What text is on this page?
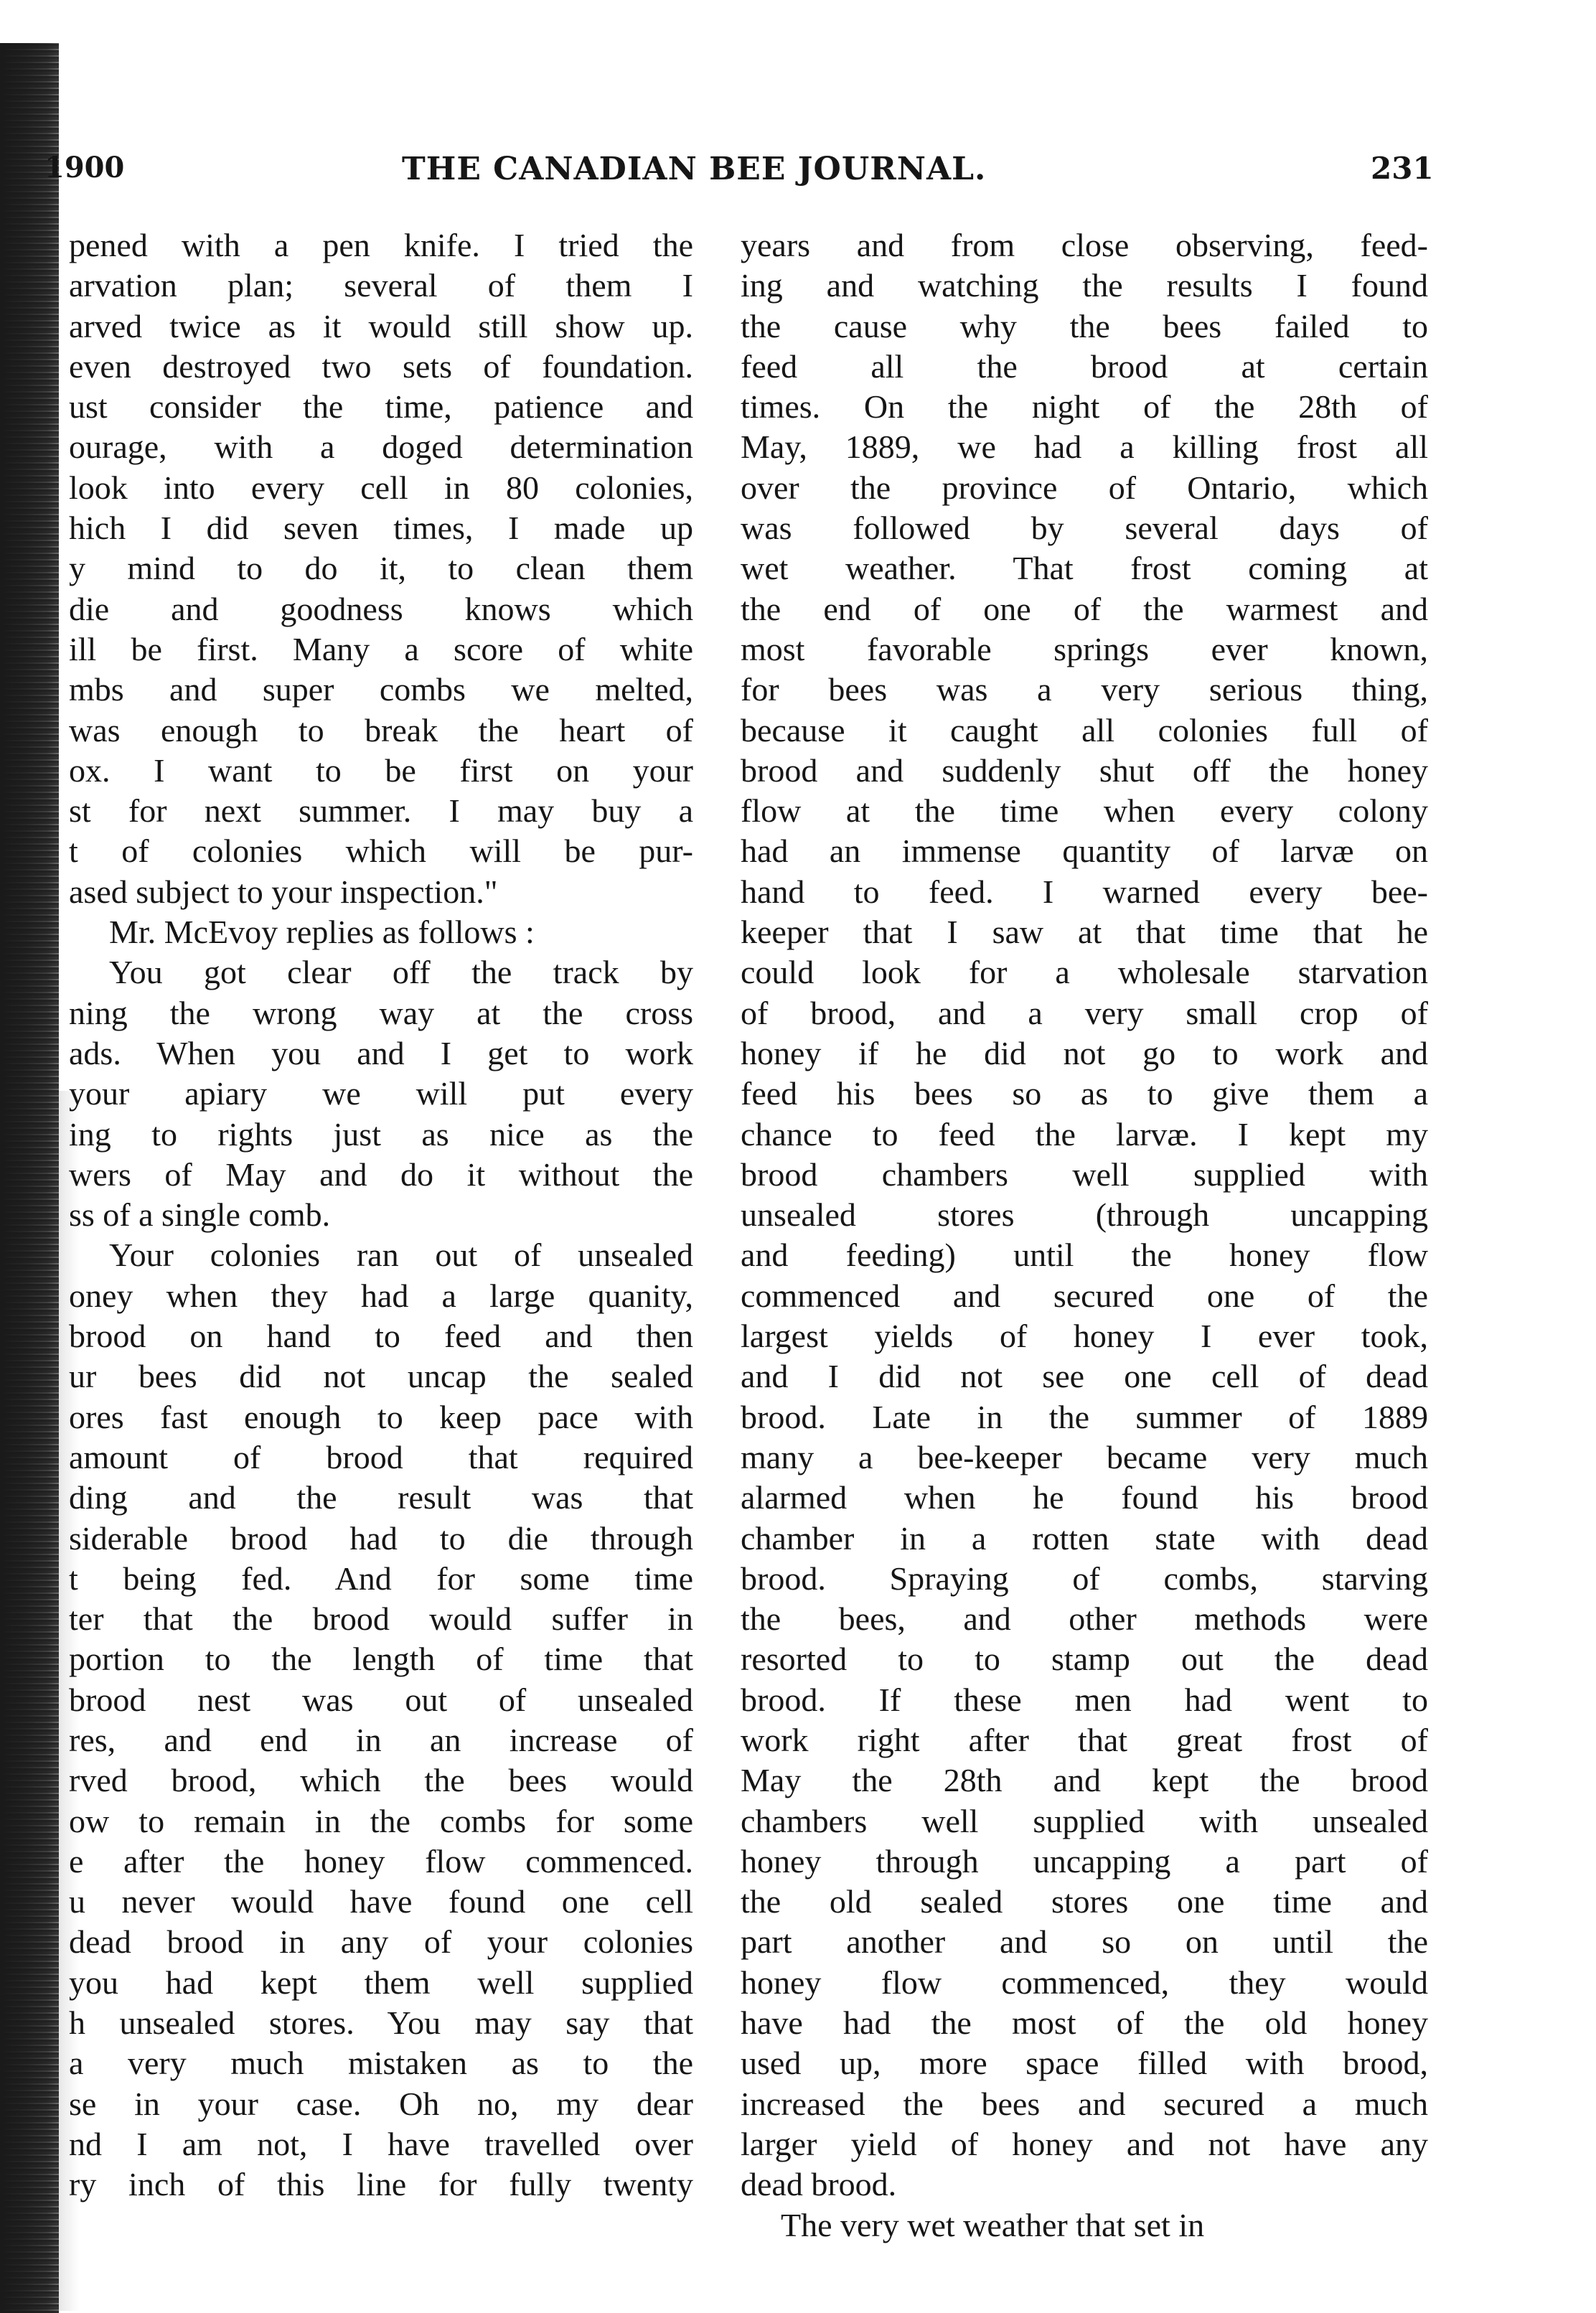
1900	THE CANADIAN BEE JOURNAL.	231
pened with a pen knife. I tried the
arvation plan; several of them I
arved twice as it would still show up.
even destroyed two sets of foundation.
ust consider the time, patience and
ourage, with a doged determination
look into every cell in 80 colonies,
hich I did seven times, I made up
y mind to do it, to clean them
die and goodness knows which
ill be first. Many a score of white
mbs and super combs we melted,
was enough to break the heart of
ox. I want to be first on your
st for next summer. I may buy a
t of colonies which will be pur-
ased subject to your inspection."
Mr. McEvoy replies as follows :
You got clear off the track by
ning the wrong way at the cross
ads. When you and I get to work
your apiary we will put every
ing to rights just as nice as the
wers of May and do it without the
ss of a single comb.
Your colonies ran out of unsealed
oney when they had a large quanity,
brood on hand to feed and then
ur bees did not uncap the sealed
ores fast enough to keep pace with
amount of brood that required
ding and the result was that
siderable brood had to die through
t being fed. And for some time
ter that the brood would suffer in
portion to the length of time that
brood nest was out of unsealed
res, and end in an increase of
rved brood, which the bees would
ow to remain in the combs for some
e after the honey flow commenced.
u never would have found one cell
dead brood in any of your colonies
you had kept them well supplied
h unsealed stores. You may say that
a very much mistaken as to the
se in your case. Oh no, my dear
nd I am not, I have travelled over
ry inch of this line for fully twenty
years and from close observing, feed-
ing and watching the results I found
the cause why the bees failed to
feed all the brood at certain
times. On the night of the 28th of
May, 1889, we had a killing frost all
over the province of Ontario, which
was followed by several days of
wet weather. That frost coming at
the end of one of the warmest and
most favorable springs ever known,
for bees was a very serious thing,
because it caught all colonies full of
brood and suddenly shut off the honey
flow at the time when every colony
had an immense quantity of larvæ on
hand to feed. I warned every bee-
keeper that I saw at that time that he
could look for a wholesale starvation
of brood, and a very small crop of
honey if he did not go to work and
feed his bees so as to give them a
chance to feed the larvæ. I kept my
brood chambers well supplied with
unsealed stores (through uncapping
and feeding) until the honey flow
commenced and secured one of the
largest yields of honey I ever took,
and I did not see one cell of dead
brood. Late in the summer of 1889
many a bee-keeper became very much
alarmed when he found his brood
chamber in a rotten state with dead
brood. Spraying of combs, starving
the bees, and other methods were
resorted to to stamp out the dead
brood. If these men had went to
work right after that great frost of
May the 28th and kept the brood
chambers well supplied with unsealed
honey through uncapping a part of
the old sealed stores one time and
part another and so on until the
honey flow commenced, they would
have had the most of the old honey
used up, more space filled with brood,
increased the bees and secured a much
larger yield of honey and not have any
dead brood.
The very wet weather that set in
